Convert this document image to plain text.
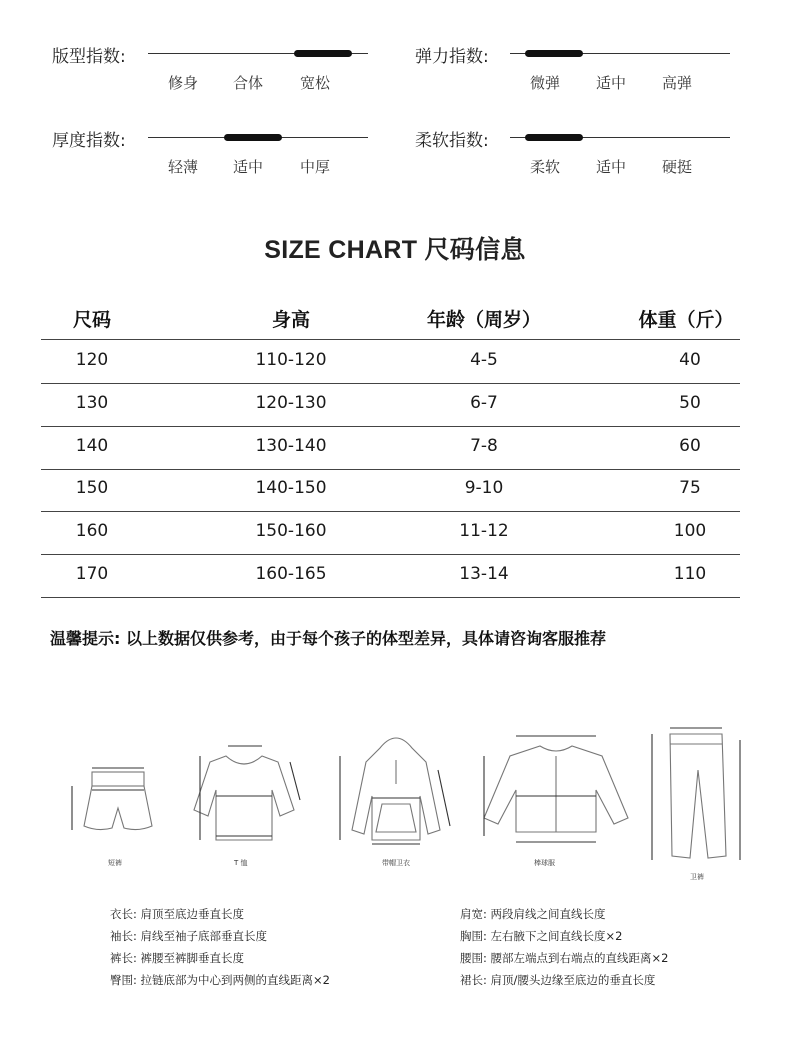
版型指数:
修身 合体 宽松
弹力指数:
微弹 适中 高弹
厚度指数:
轻薄 适中 中厚
柔软指数:
柔软 适中 硬挺
SIZE CHART 尺码信息
尺码	身高	年龄（周岁）	体重（斤）
120	110-120	4-5	40
130	120-130	6-7	50
140	130-140	7-8	60
150	140-150	9-10	75
160	150-160	11-12	100
170	160-165	13-14	110
温馨提示: 以上数据仅供参考，由于每个孩子的体型差异，具体请咨询客服推荐
短裤	T 恤	带帽卫衣	棒球服
卫裤
衣长: 肩顶至底边垂直长度
袖长: 肩线至袖子底部垂直长度
裤长: 裤腰至裤脚垂直长度
臀围: 拉链底部为中心到两侧的直线距离×2
肩宽: 两段肩线之间直线长度
胸围: 左右腋下之间直线长度×2
腰围: 腰部左端点到右端点的直线距离×2
裙长: 肩顶/腰头边缘至底边的垂直长度
